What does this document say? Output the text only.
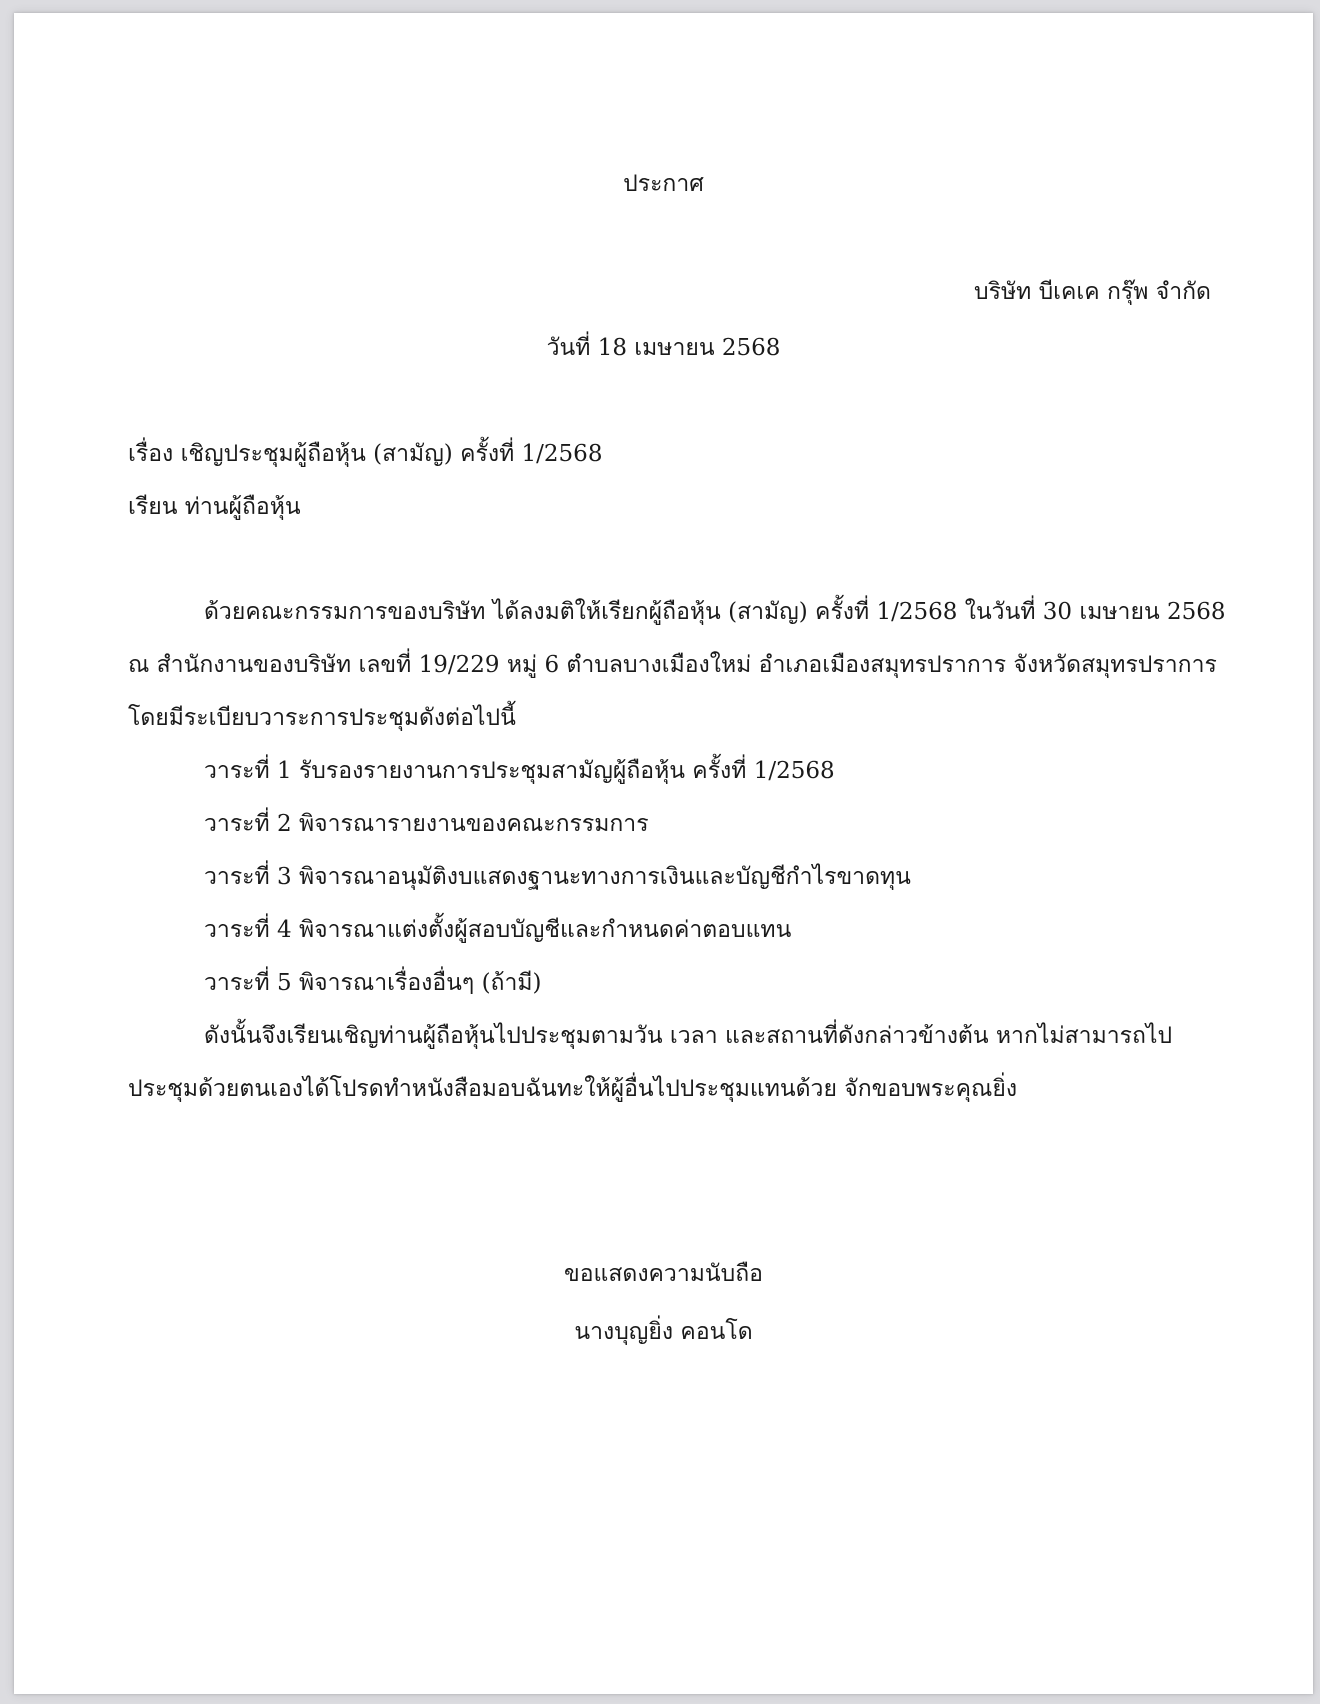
ประกาศ
บริษัท บีเคเค กรุ๊พ จำกัด
วันที่ 18 เมษายน 2568
เรื่อง เชิญประชุมผู้ถือหุ้น (สามัญ) ครั้งที่ 1/2568
เรียน ท่านผู้ถือหุ้น
ด้วยคณะกรรมการของบริษัท ได้ลงมติให้เรียกผู้ถือหุ้น (สามัญ) ครั้งที่ 1/2568 ในวันที่ 30 เมษายน 2568
ณ สำนักงานของบริษัท เลขที่ 19/229 หมู่ 6 ตำบลบางเมืองใหม่ อำเภอเมืองสมุทรปราการ จังหวัดสมุทรปราการ
โดยมีระเบียบวาระการประชุมดังต่อไปนี้
วาระที่ 1 รับรองรายงานการประชุมสามัญผู้ถือหุ้น ครั้งที่ 1/2568
วาระที่ 2 พิจารณารายงานของคณะกรรมการ
วาระที่ 3 พิจารณาอนุมัติงบแสดงฐานะทางการเงินและบัญชีกำไรขาดทุน
วาระที่ 4 พิจารณาแต่งตั้งผู้สอบบัญชีและกำหนดค่าตอบแทน
วาระที่ 5 พิจารณาเรื่องอื่นๆ (ถ้ามี)
ดังนั้นจึงเรียนเชิญท่านผู้ถือหุ้นไปประชุมตามวัน เวลา และสถานที่ดังกล่าวข้างต้น หากไม่สามารถไป
ประชุมด้วยตนเองได้โปรดทำหนังสือมอบฉันทะให้ผู้อื่นไปประชุมแทนด้วย จักขอบพระคุณยิ่ง
ขอแสดงความนับถือ
นางบุญยิ่ง คอนโด
